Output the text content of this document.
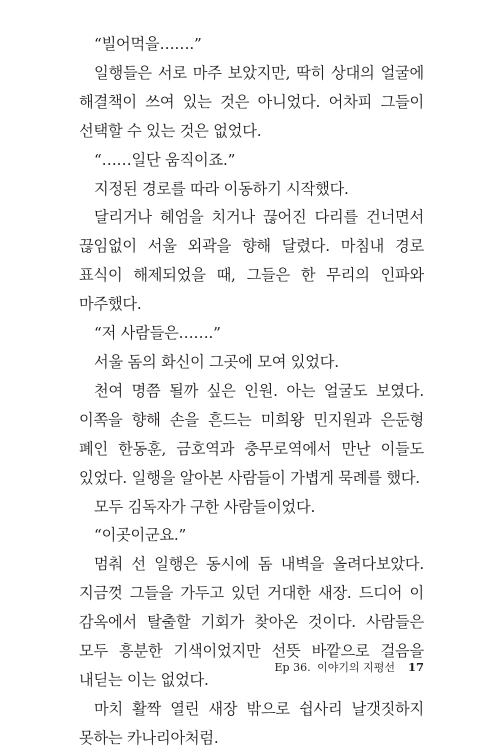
“빌어먹을…….”

일행들은 서로 마주 보았지만, 딱히 상대의 얼굴에 해결책이 쓰여 있는 것은 아니었다. 어차피 그들이 선택할 수 있는 것은 없었다.

“……일단 움직이죠.”

지정된 경로를 따라 이동하기 시작했다.

달리거나 헤엄을 치거나 끊어진 다리를 건너면서 끊임없이 서울 외곽을 향해 달렸다. 마침내 경로 표식이 해제되었을 때, 그들은 한 무리의 인파와 마주했다.

“저 사람들은…….”

서울 돔의 화신이 그곳에 모여 있었다.

천여 명쯤 될까 싶은 인원. 아는 얼굴도 보였다. 이쪽을 향해 손을 흔드는 미희왕 민지원과 은둔형 폐인 한동훈, 금호역과 충무로역에서 만난 이들도 있었다. 일행을 알아본 사람들이 가볍게 묵례를 했다.

모두 김독자가 구한 사람들이었다.

“이곳이군요.”

멈춰 선 일행은 동시에 돔 내벽을 올려다보았다. 지금껏 그들을 가두고 있던 거대한 새장. 드디어 이 감옥에서 탈출할 기회가 찾아온 것이다. 사람들은 모두 흥분한 기색이었지만 선뜻 바깥으로 걸음을 내딛는 이는 없었다.

마치 활짝 열린 새장 밖으로 쉽사리 날갯짓하지 못하는 카나리아처럼.

Ep 36. 이야기의 지평선 17
